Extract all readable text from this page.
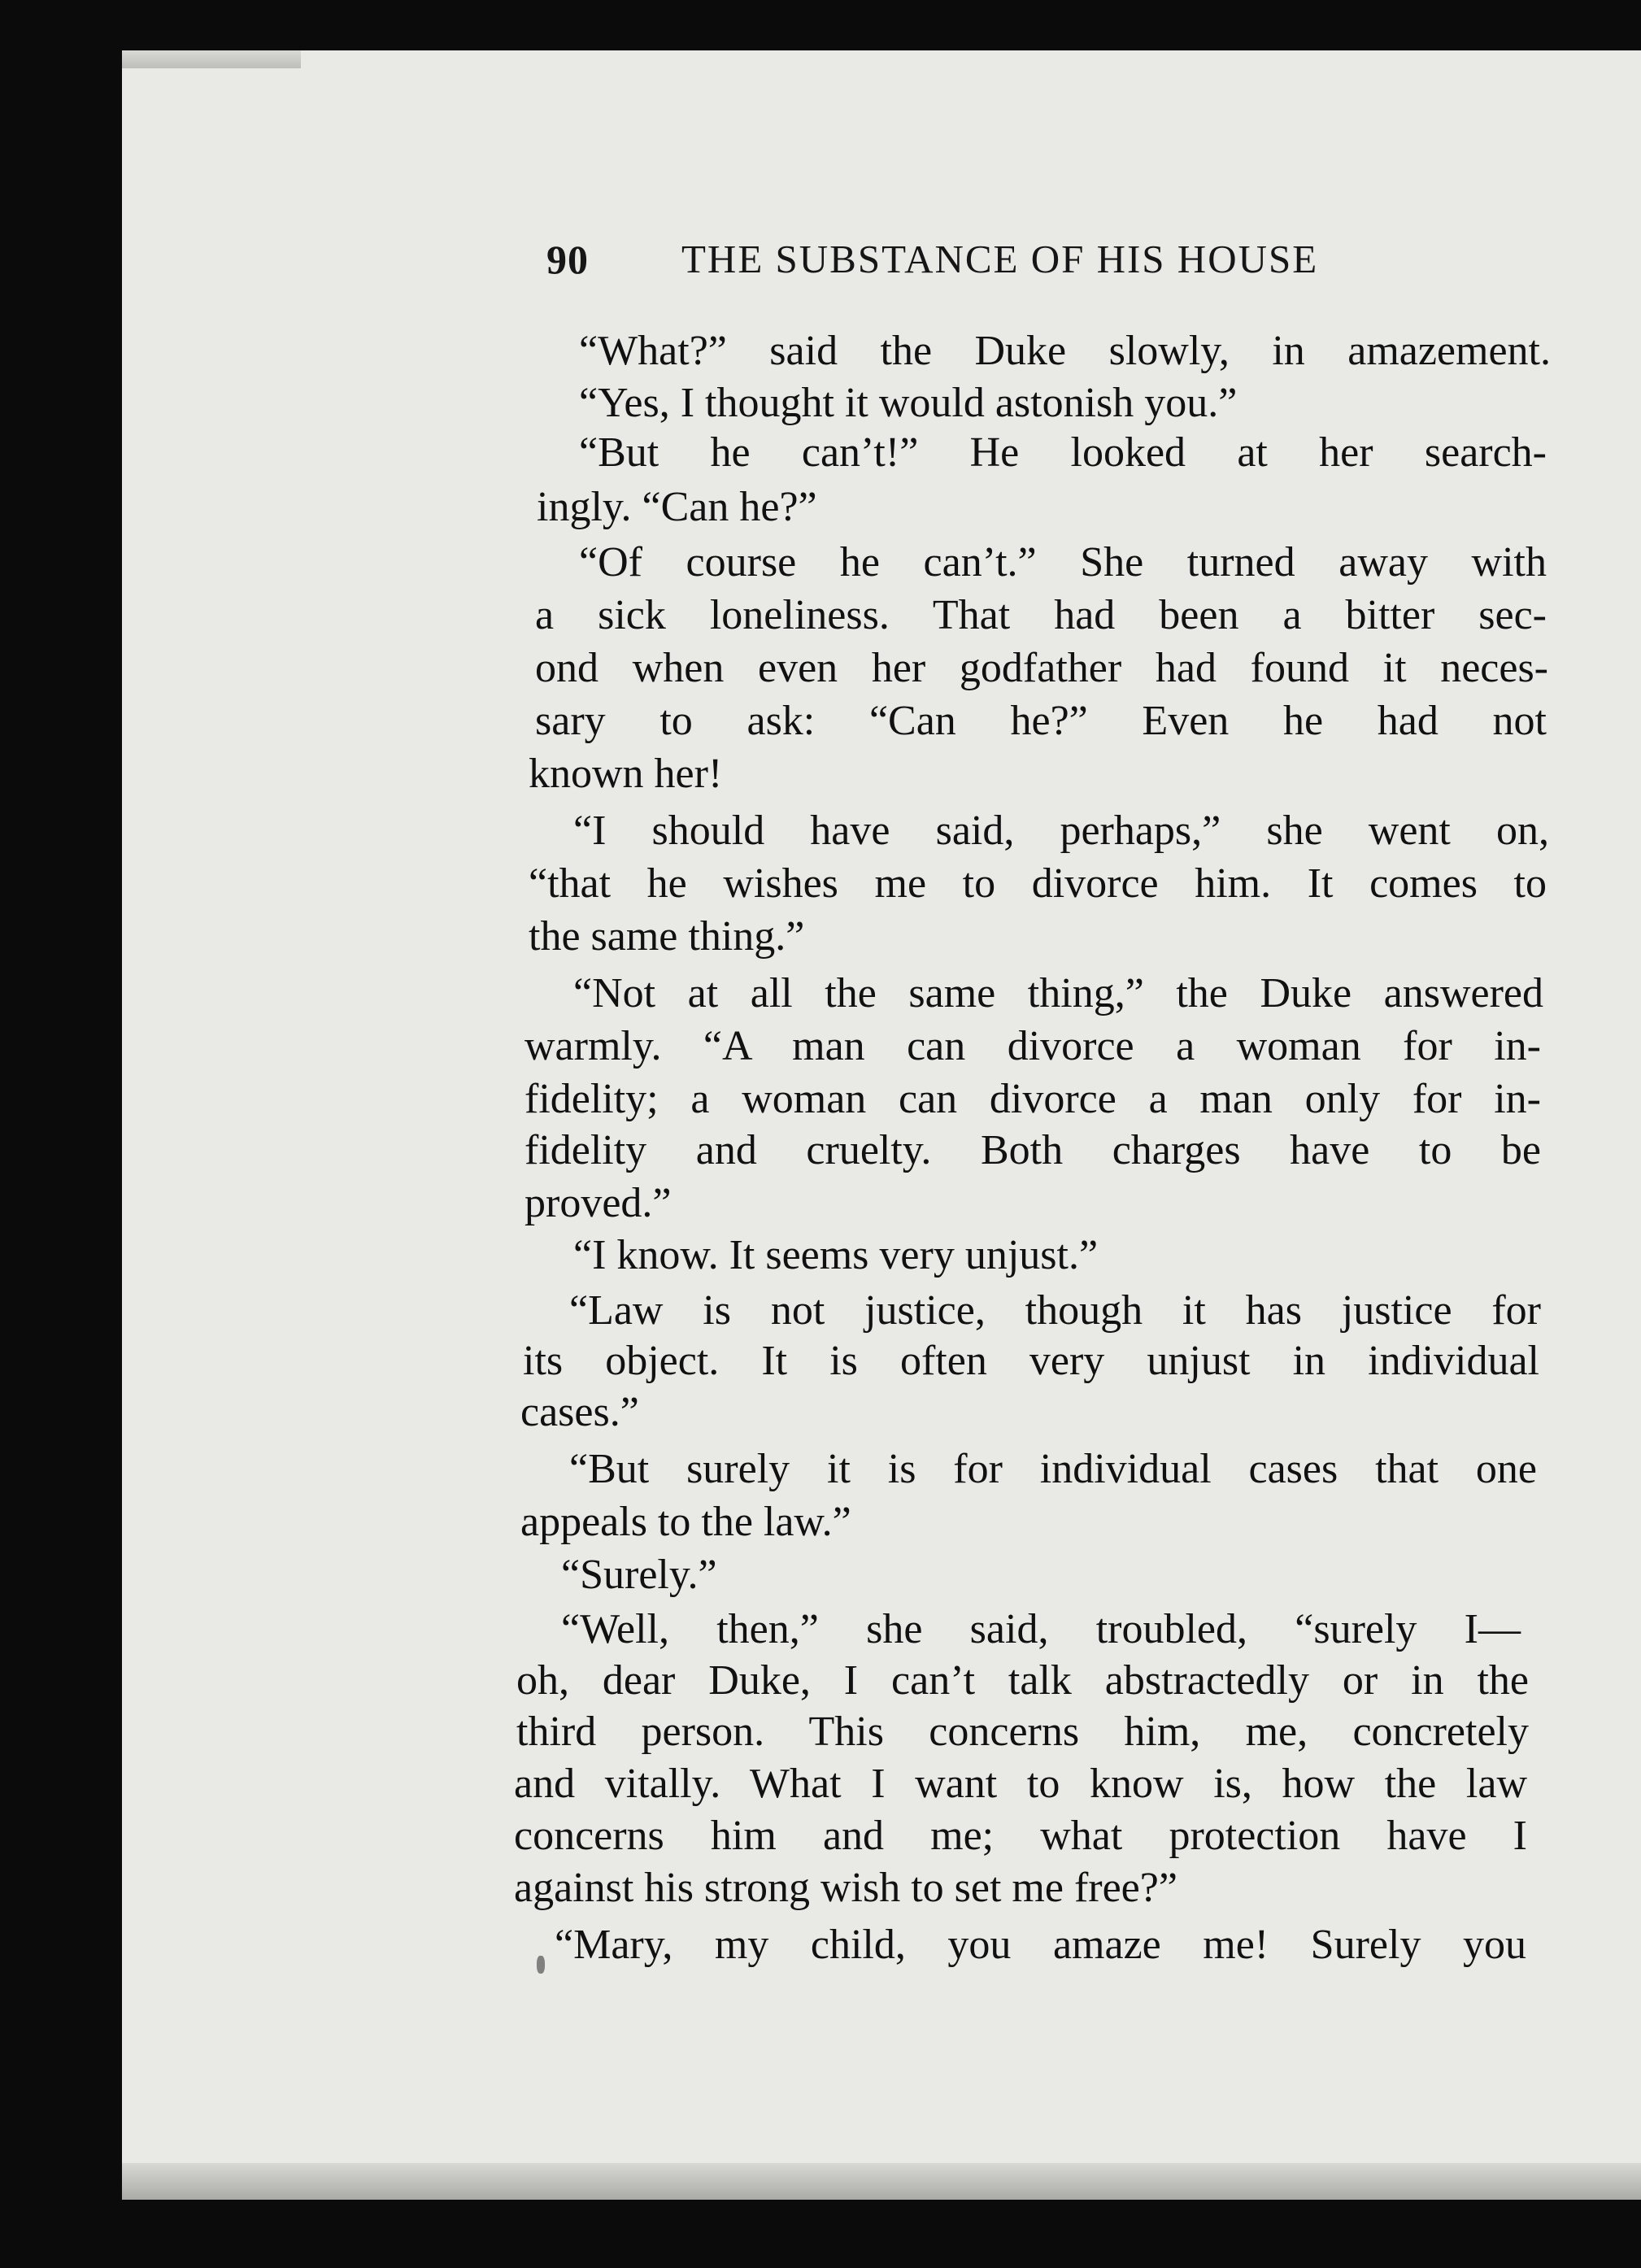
90 THE SUBSTANCE OF HIS HOUSE
“What?” said the Duke slowly, in amazement.
“Yes, I thought it would astonish you.”
“But he can’t!” He looked at her search-
ingly. “Can he?”
“Of course he can’t.” She turned away with
a sick loneliness. That had been a bitter sec-
ond when even her godfather had found it neces-
sary to ask: “Can he?” Even he had not
known her!
“I should have said, perhaps,” she went on,
“that he wishes me to divorce him. It comes to
the same thing.”
“Not at all the same thing,” the Duke answered
warmly. “A man can divorce a woman for in-
fidelity; a woman can divorce a man only for in-
fidelity and cruelty. Both charges have to be
proved.”
“I know. It seems very unjust.”
“Law is not justice, though it has justice for
its object. It is often very unjust in individual
cases.”
“But surely it is for individual cases that one
appeals to the law.”
“Surely.”
“Well, then,” she said, troubled, “surely I—
oh, dear Duke, I can’t talk abstractedly or in the
third person. This concerns him, me, concretely
and vitally. What I want to know is, how the law
concerns him and me; what protection have I
against his strong wish to set me free?”
“Mary, my child, you amaze me! Surely you
